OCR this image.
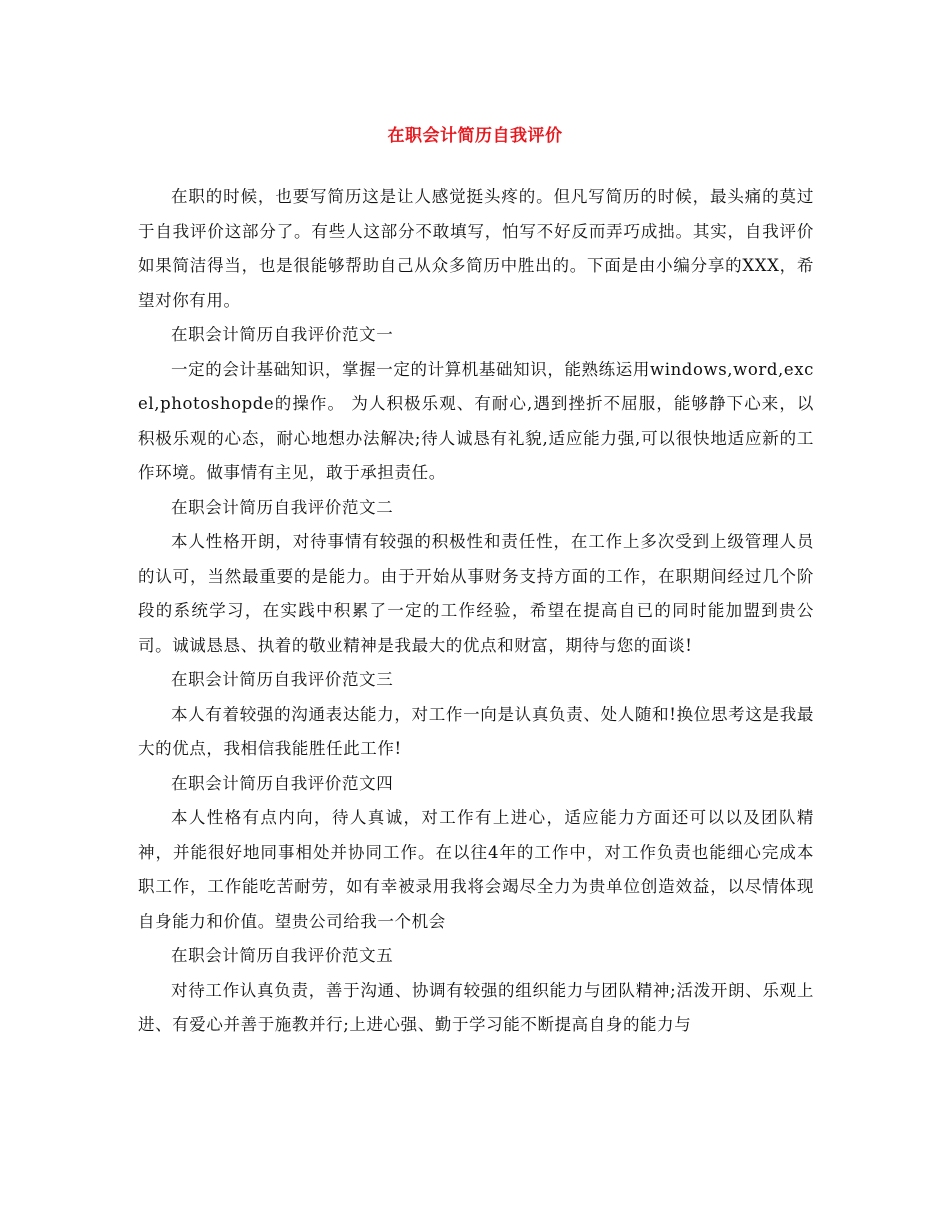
在职会计简历自我评价

在职的时候，也要写简历这是让人感觉挺头疼的。但凡写简历的时候，最头痛的莫过于自我评价这部分了。有些人这部分不敢填写，怕写不好反而弄巧成拙。其实，自我评价如果简洁得当，也是很能够帮助自己从众多简历中胜出的。下面是由小编分享的XXX，希望对你有用。

在职会计简历自我评价范文一

一定的会计基础知识，掌握一定的计算机基础知识，能熟练运用windows,word,excel,photoshopde的操作。 为人积极乐观、有耐心,遇到挫折不屈服，能够静下心来，以积极乐观的心态，耐心地想办法解决;待人诚恳有礼貌,适应能力强,可以很快地适应新的工作环境。做事情有主见，敢于承担责任。

在职会计简历自我评价范文二

本人性格开朗，对待事情有较强的积极性和责任性，在工作上多次受到上级管理人员的认可，当然最重要的是能力。由于开始从事财务支持方面的工作，在职期间经过几个阶段的系统学习，在实践中积累了一定的工作经验，希望在提高自已的同时能加盟到贵公司。诚诚恳恳、执着的敬业精神是我最大的优点和财富，期待与您的面谈!

在职会计简历自我评价范文三

本人有着较强的沟通表达能力，对工作一向是认真负责、处人随和!换位思考这是我最大的优点，我相信我能胜任此工作!

在职会计简历自我评价范文四

本人性格有点内向，待人真诚，对工作有上进心，适应能力方面还可以以及团队精神，并能很好地同事相处并协同工作。在以往4年的工作中，对工作负责也能细心完成本职工作，工作能吃苦耐劳，如有幸被录用我将会竭尽全力为贵单位创造效益，以尽情体现自身能力和价值。望贵公司给我一个机会

在职会计简历自我评价范文五

对待工作认真负责，善于沟通、协调有较强的组织能力与团队精神;活泼开朗、乐观上进、有爱心并善于施教并行;上进心强、勤于学习能不断提高自身的能力与
